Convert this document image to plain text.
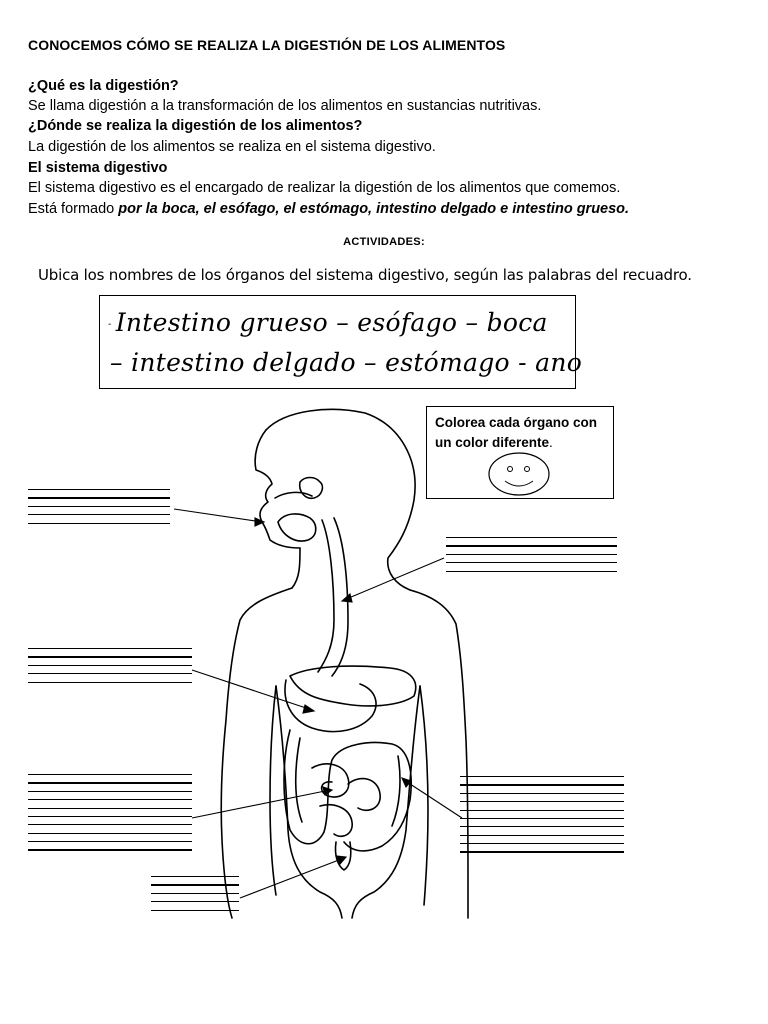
CONOCEMOS CÓMO SE REALIZA LA DIGESTIÓN DE LOS ALIMENTOS
¿Qué es la digestión?
Se llama digestión a la transformación de los alimentos en sustancias nutritivas.
¿Dónde se realiza la digestión de los alimentos?
La digestión de los alimentos se realiza en el sistema digestivo.
El sistema digestivo
El sistema digestivo es el encargado de realizar la digestión de los alimentos que comemos.
Está formado por la boca, el esófago, el estómago, intestino delgado e intestino grueso.
ACTIVIDADES:
Ubica los nombres de los órganos del sistema digestivo, según las palabras del recuadro.
- Intestino grueso – esófago – boca
– intestino delgado – estómago - ano
Colorea cada órgano con un color diferente.
